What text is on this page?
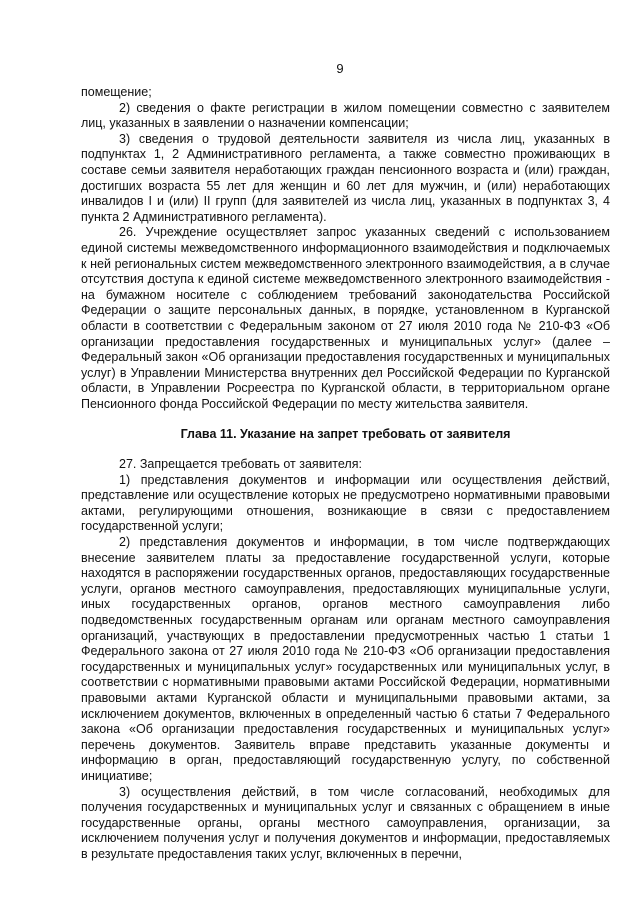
9

помещение;

2) сведения о факте регистрации в жилом помещении совместно с заявителем лиц, указанных в заявлении о назначении компенсации;

3) сведения о трудовой деятельности заявителя из числа лиц, указанных в подпунктах 1, 2 Административного регламента, а также совместно проживающих в составе семьи заявителя неработающих граждан пенсионного возраста и (или) граждан, достигших возраста 55 лет для женщин и 60 лет для мужчин, и (или) неработающих инвалидов I и (или) II групп (для заявителей из числа лиц, указанных в подпунктах 3, 4 пункта 2 Административного регламента).

26. Учреждение осуществляет запрос указанных сведений с использованием единой системы межведомственного информационного взаимодействия и подключаемых к ней региональных систем межведомственного электронного взаимодействия, а в случае отсутствия доступа к единой системе межведомственного электронного взаимодействия - на бумажном носителе с соблюдением требований законодательства Российской Федерации о защите персональных данных, в порядке, установленном в Курганской области в соответствии с Федеральным законом от 27 июля 2010 года № 210-ФЗ «Об организации предоставления государственных и муниципальных услуг» (далее – Федеральный закон «Об организации предоставления государственных и муниципальных услуг) в Управлении Министерства внутренних дел Российской Федерации по Курганской области, в Управлении Росреестра по Курганской области, в территориальном органе Пенсионного фонда Российской Федерации по месту жительства заявителя.

Глава 11. Указание на запрет требовать от заявителя

27. Запрещается требовать от заявителя:

1) представления документов и информации или осуществления действий, представление или осуществление которых не предусмотрено нормативными правовыми актами, регулирующими отношения, возникающие в связи с предоставлением государственной услуги;

2) представления документов и информации, в том числе подтверждающих внесение заявителем платы за предоставление государственной услуги, которые находятся в распоряжении государственных органов, предоставляющих государственные услуги, органов местного самоуправления, предоставляющих муниципальные услуги, иных государственных органов, органов местного самоуправления либо подведомственных государственным органам или органам местного самоуправления организаций, участвующих в предоставлении предусмотренных частью 1 статьи 1 Федерального закона от 27 июля 2010 года № 210-ФЗ «Об организации предоставления государственных и муниципальных услуг» государственных или муниципальных услуг, в соответствии с нормативными правовыми актами Российской Федерации, нормативными правовыми актами Курганской области и муниципальными правовыми актами, за исключением документов, включенных в определенный частью 6 статьи 7 Федерального закона «Об организации предоставления государственных и муниципальных услуг» перечень документов. Заявитель вправе представить указанные документы и информацию в орган, предоставляющий государственную услугу, по собственной инициативе;

3) осуществления действий, в том числе согласований, необходимых для получения государственных и муниципальных услуг и связанных с обращением в иные государственные органы, органы местного самоуправления, организации, за исключением получения услуг и получения документов и информации, предоставляемых в результате предоставления таких услуг, включенных в перечни,
